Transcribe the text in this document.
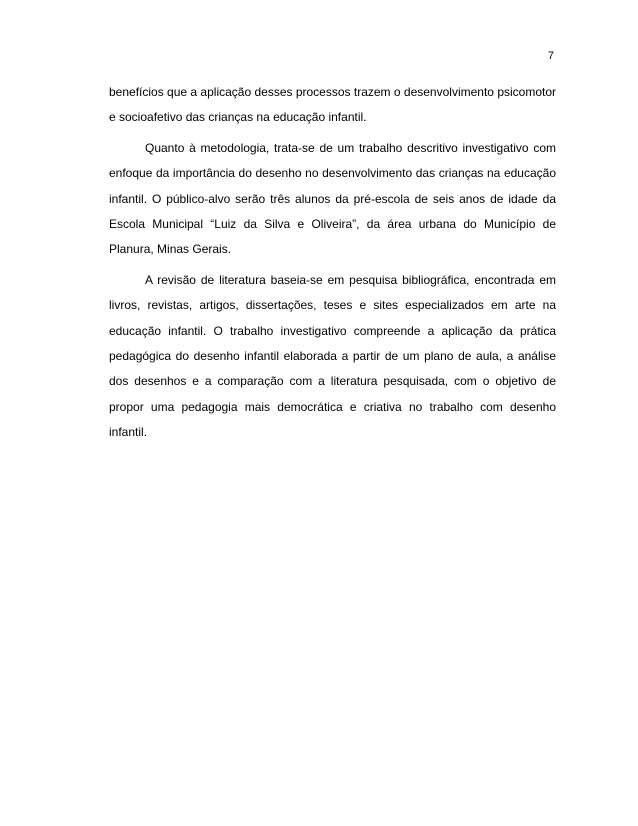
7

benefícios que a aplicação desses processos trazem o desenvolvimento psicomotor e socioafetivo das crianças na educação infantil.

Quanto à metodologia, trata-se de um trabalho descritivo investigativo com enfoque da importância do desenho no desenvolvimento das crianças na educação infantil. O público-alvo serão três alunos da pré-escola de seis anos de idade da Escola Municipal “Luiz da Silva e Oliveira”, da área urbana do Município de Planura, Minas Gerais.

A revisão de literatura baseia-se em pesquisa bibliográfica, encontrada em livros, revistas, artigos, dissertações, teses e sites especializados em arte na educação infantil. O trabalho investigativo compreende a aplicação da prática pedagógica do desenho infantil elaborada a partir de um plano de aula, a análise dos desenhos e a comparação com a literatura pesquisada, com o objetivo de propor uma pedagogia mais democrática e criativa no trabalho com desenho infantil.
